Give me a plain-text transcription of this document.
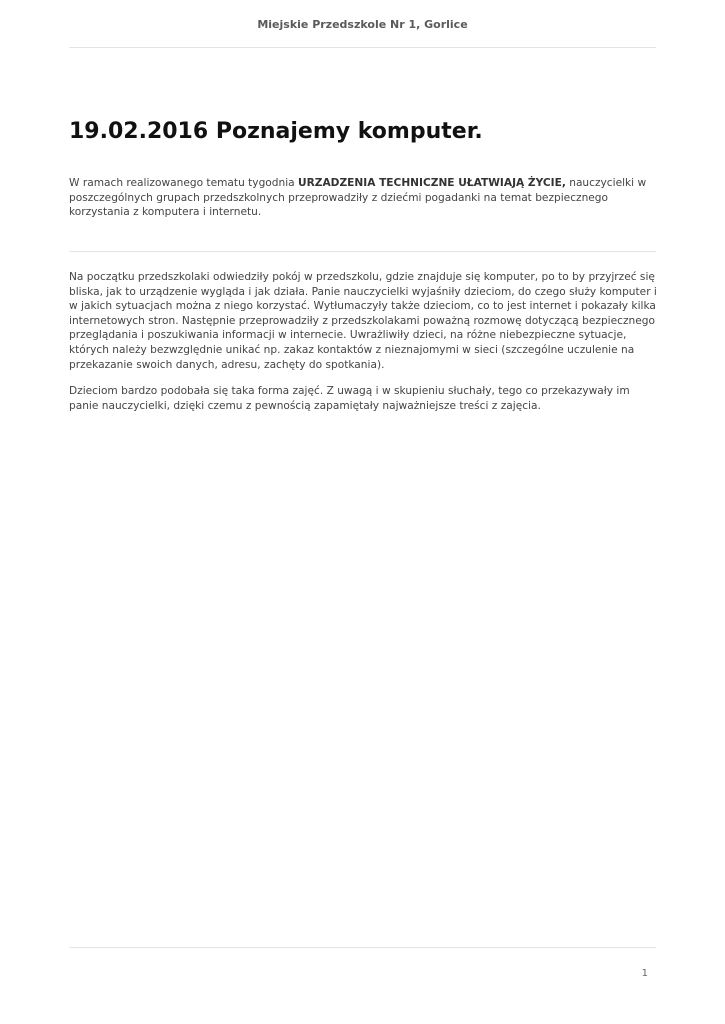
Miejskie Przedszkole Nr 1, Gorlice
19.02.2016 Poznajemy komputer.

W ramach realizowanego tematu tygodnia URZADZENIA TECHNICZNE UŁATWIAJĄ ŻYCIE, nauczycielki w poszczególnych grupach przedszkolnych przeprowadziły z dziećmi pogadanki na temat bezpiecznego korzystania z komputera i internetu.

Na początku przedszkolaki odwiedziły pokój w przedszkolu, gdzie znajduje się komputer, po to by przyjrzeć się bliska, jak to urządzenie wygląda i jak działa. Panie nauczycielki wyjaśniły dzieciom, do czego służy komputer i w jakich sytuacjach można z niego korzystać. Wytłumaczyły także dzieciom, co to jest internet i pokazały kilka internetowych stron. Następnie przeprowadziły z przedszkolakami poważną rozmowę dotyczącą bezpiecznego przeglądania i poszukiwania informacji w internecie. Uwrażliwiły dzieci, na różne niebezpieczne sytuacje, których należy bezwzględnie unikać np. zakaz kontaktów z nieznajomymi w sieci (szczególne uczulenie na przekazanie swoich danych, adresu, zachęty do spotkania).

Dzieciom bardzo podobała się taka forma zajęć. Z uwagą i w skupieniu słuchały, tego co przekazywały im panie nauczycielki, dzięki czemu z pewnością zapamiętały najważniejsze treści z zajęcia.

1
